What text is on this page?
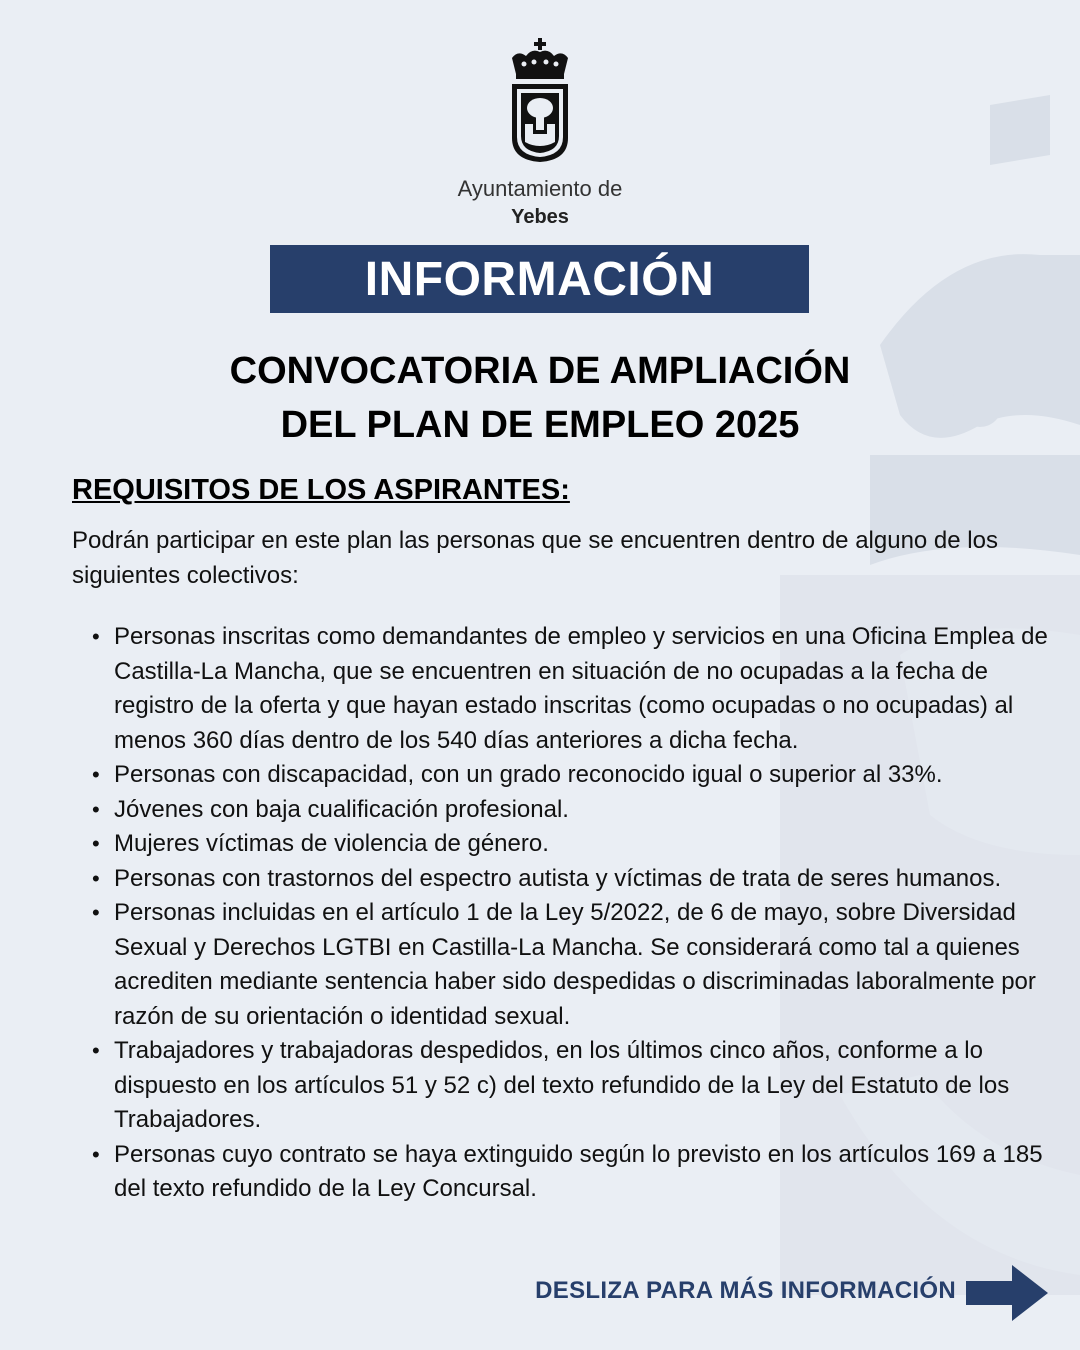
Ayuntamiento de
Yebes
INFORMACIÓN
CONVOCATORIA DE AMPLIACIÓN
DEL PLAN DE EMPLEO 2025
REQUISITOS DE LOS ASPIRANTES:
Podrán participar en este plan las personas que se encuentren dentro de alguno de los siguientes colectivos:
• Personas inscritas como demandantes de empleo y servicios en una Oficina Emplea de Castilla-La Mancha, que se encuentren en situación de no ocupadas a la fecha de registro de la oferta y que hayan estado inscritas (como ocupadas o no ocupadas) al menos 360 días dentro de los 540 días anteriores a dicha fecha.
• Personas con discapacidad, con un grado reconocido igual o superior al 33%.
• Jóvenes con baja cualificación profesional.
• Mujeres víctimas de violencia de género.
• Personas con trastornos del espectro autista y víctimas de trata de seres humanos.
• Personas incluidas en el artículo 1 de la Ley 5/2022, de 6 de mayo, sobre Diversidad Sexual y Derechos LGTBI en Castilla-La Mancha. Se considerará como tal a quienes acrediten mediante sentencia haber sido despedidas o discriminadas laboralmente por razón de su orientación o identidad sexual.
• Trabajadores y trabajadoras despedidos, en los últimos cinco años, conforme a lo dispuesto en los artículos 51 y 52 c) del texto refundido de la Ley del Estatuto de los Trabajadores.
• Personas cuyo contrato se haya extinguido según lo previsto en los artículos 169 a 185 del texto refundido de la Ley Concursal.
DESLIZA PARA MÁS INFORMACIÓN
